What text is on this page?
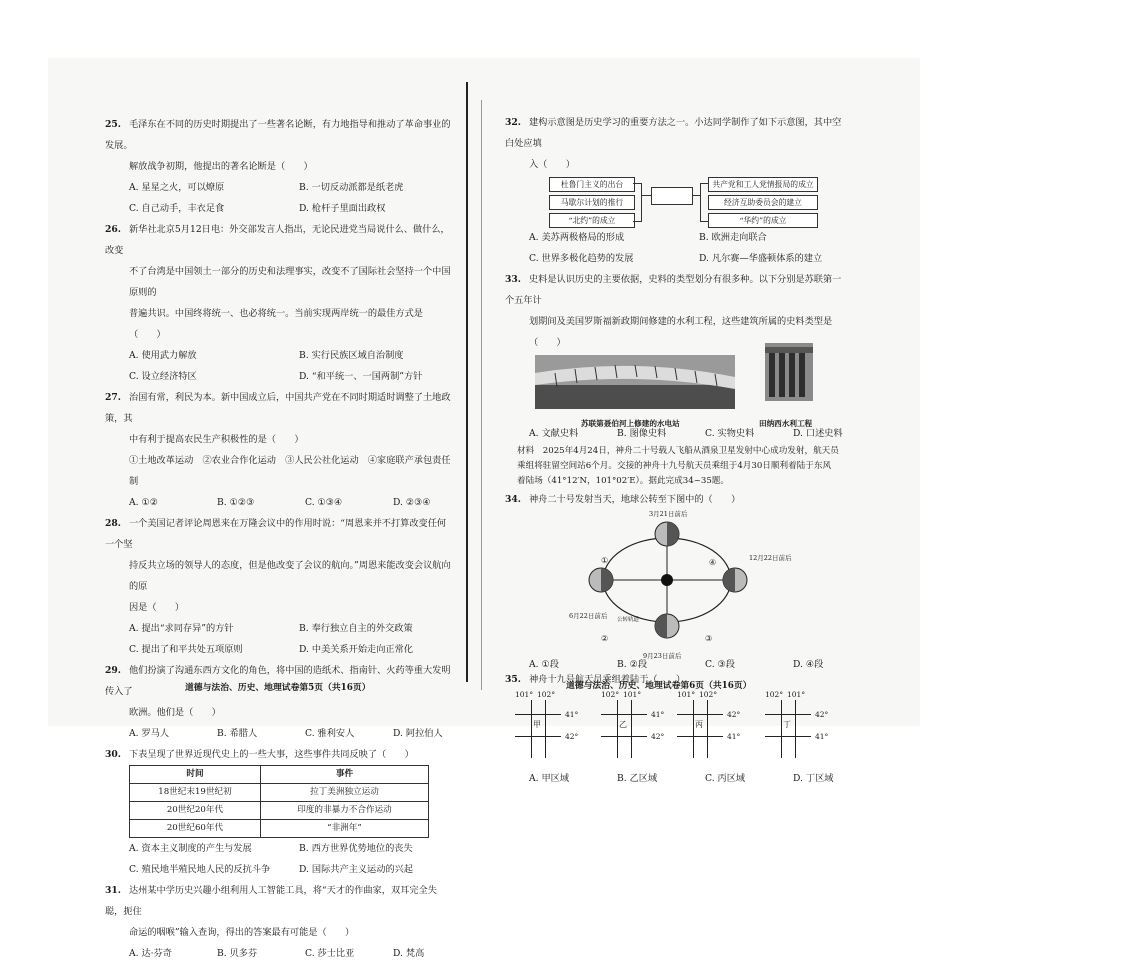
25. 毛泽东在不同的历史时期提出了一些著名论断，有力地指导和推动了革命事业的发展。
解放战争初期，他提出的著名论断是（　　）
A. 星星之火，可以燎原	B. 一切反动派都是纸老虎
C. 自己动手，丰衣足食	D. 枪杆子里面出政权
26. 新华社北京5月12日电：外交部发言人指出，无论民进党当局说什么、做什么，改变
不了台湾是中国领土一部分的历史和法理事实，改变不了国际社会坚持一个中国原则的
普遍共识。中国终将统一、也必将统一。当前实现两岸统一的最佳方式是（　　）
A. 使用武力解放	B. 实行民族区域自治制度
C. 设立经济特区	D. “和平统一、一国两制”方针
27. 治国有常，利民为本。新中国成立后，中国共产党在不同时期适时调整了土地政策，其
中有利于提高农民生产积极性的是（　　）
①土地改革运动　②农业合作化运动　③人民公社化运动　④家庭联产承包责任制
A. ①②	B. ①②③	C. ①③④	D. ②③④
28. 一个美国记者评论周恩来在万隆会议中的作用时说：“周恩来并不打算改变任何一个坚
持反共立场的领导人的态度，但是他改变了会议的航向。”周恩来能改变会议航向的原
因是（　　）
A. 提出“求同存异”的方针	B. 奉行独立自主的外交政策
C. 提出了和平共处五项原则	D. 中美关系开始走向正常化
29. 他们扮演了沟通东西方文化的角色，将中国的造纸术、指南针、火药等重大发明传入了
欧洲。他们是（　　）
A. 罗马人	B. 希腊人	C. 雅利安人	D. 阿拉伯人
30. 下表呈现了世界近现代史上的一些大事，这些事件共同反映了（　　）
时间	事件
18世纪末19世纪初	拉丁美洲独立运动
20世纪20年代	印度的非暴力不合作运动
20世纪60年代	“非洲年”
A. 资本主义制度的产生与发展	B. 西方世界优势地位的丧失
C. 殖民地半殖民地人民的反抗斗争	D. 国际共产主义运动的兴起
31. 达州某中学历史兴趣小组利用人工智能工具，将“天才的作曲家，双耳完全失聪，扼住
命运的咽喉”输入查询，得出的答案最有可能是（　　）
A. 达·芬奇	B. 贝多芬	C. 莎士比亚	D. 梵高
道德与法治、历史、地理试卷第5页（共16页）
32. 建构示意图是历史学习的重要方法之一。小达同学制作了如下示意图，其中空白处应填
入（　　）
杜鲁门主义的出台
马歇尔计划的推行
“北约”的成立
共产党和工人党情报局的成立
经济互助委员会的建立
“华约”的成立
A. 美苏两极格局的形成	B. 欧洲走向联合
C. 世界多极化趋势的发展	D. 凡尔赛—华盛顿体系的建立
33. 史料是认识历史的主要依据，史料的类型划分有很多种。以下分别是苏联第一个五年计
划期间及美国罗斯福新政期间修建的水利工程，这些建筑所属的史料类型是（　　）
苏联第聂伯河上修建的水电站	田纳西水利工程
A. 文献史料	B. 图像史料	C. 实物史料	D. 口述史料
材料　2025年4月24日，神舟二十号载人飞船从酒泉卫星发射中心成功发射，航天员
乘组将驻留空间站6个月。交接的神舟十九号航天员乘组于4月30日顺利着陆于东风
着陆场（41°12′N，101°02′E）。据此完成34~35题。
34. 神舟二十号发射当天，地球公转至下图中的（　　）
3月21日前后
12月22日前后
6月22日前后
9月23日前后
公转轨道
①	④
②	③
A. ①段	B. ②段	C. ③段	D. ④段
35. 神舟十九号航天员乘组着陆于（　　）
101° 102°
甲
41°
42°
102° 101°
乙
41°
42°
101° 102°
丙
42°
41°
102° 101°
丁
42°
41°
A. 甲区域	B. 乙区域	C. 丙区域	D. 丁区域
道德与法治、历史、地理试卷第6页（共16页）
